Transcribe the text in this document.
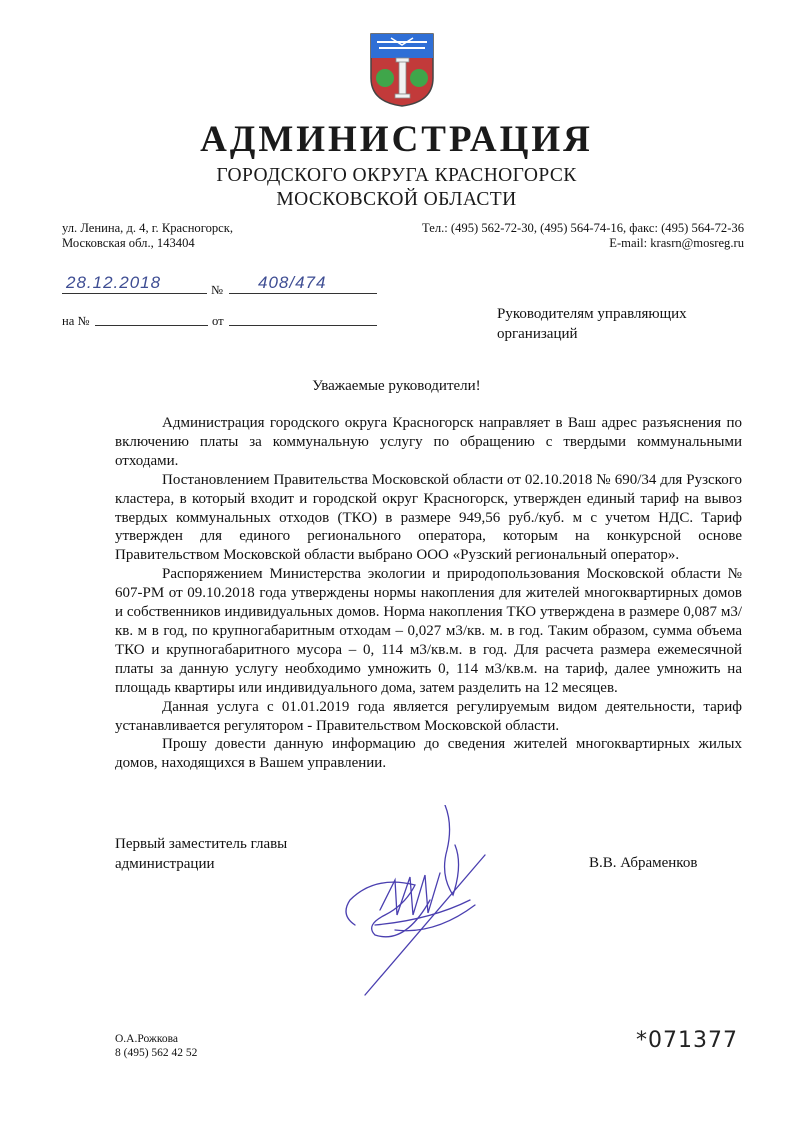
АДМИНИСТРАЦИЯ
ГОРОДСКОГО ОКРУГА КРАСНОГОРСК
МОСКОВСКОЙ ОБЛАСТИ
ул. Ленина, д. 4, г. Красногорск,
Московская обл., 143404
Тел.: (495) 562-72-30, (495) 564-74-16, факс: (495) 564-72-36
E-mail: krasrn@mosreg.ru
28.12.2018	№ 408/474
на №	от	Руководителям управляющих
организаций
Уважаемые руководители!

Администрация городского округа Красногорск направляет в Ваш адрес разъяснения по включению платы за коммунальную услугу по обращению с твердыми коммунальными отходами.

Постановлением Правительства Московской области от 02.10.2018 № 690/34 для Рузского кластера, в который входит и городской округ Красногорск, утвержден единый тариф на вывоз твердых коммунальных отходов (ТКО) в размере 949,56 руб./куб. м с учетом НДС. Тариф утвержден для единого регионального оператора, которым на конкурсной основе Правительством Московской области выбрано ООО «Рузский региональный оператор».

Распоряжением Министерства экологии и природопользования Московской области № 607-РМ от 09.10.2018 года утверждены нормы накопления для жителей многоквартирных домов и собственников индивидуальных домов. Норма накопления ТКО утверждена в размере 0,087 м3/кв. м в год, по крупногабаритным отходам – 0,027 м3/кв. м. в год. Таким образом, сумма объема ТКО и крупногабаритного мусора – 0, 114 м3/кв.м. в год. Для расчета размера ежемесячной платы за данную услугу необходимо умножить 0, 114 м3/кв.м. на тариф, далее умножить на площадь квартиры или индивидуального дома, затем разделить на 12 месяцев.

Данная услуга с 01.01.2019 года является регулируемым видом деятельности, тариф устанавливается регулятором - Правительством Московской области.

Прошу довести данную информацию до сведения жителей многоквартирных жилых домов, находящихся в Вашем управлении.

Первый заместитель главы
администрации	В.В. Абраменков
О.А.Рожкова
8 (495) 562 42 52	*071377
